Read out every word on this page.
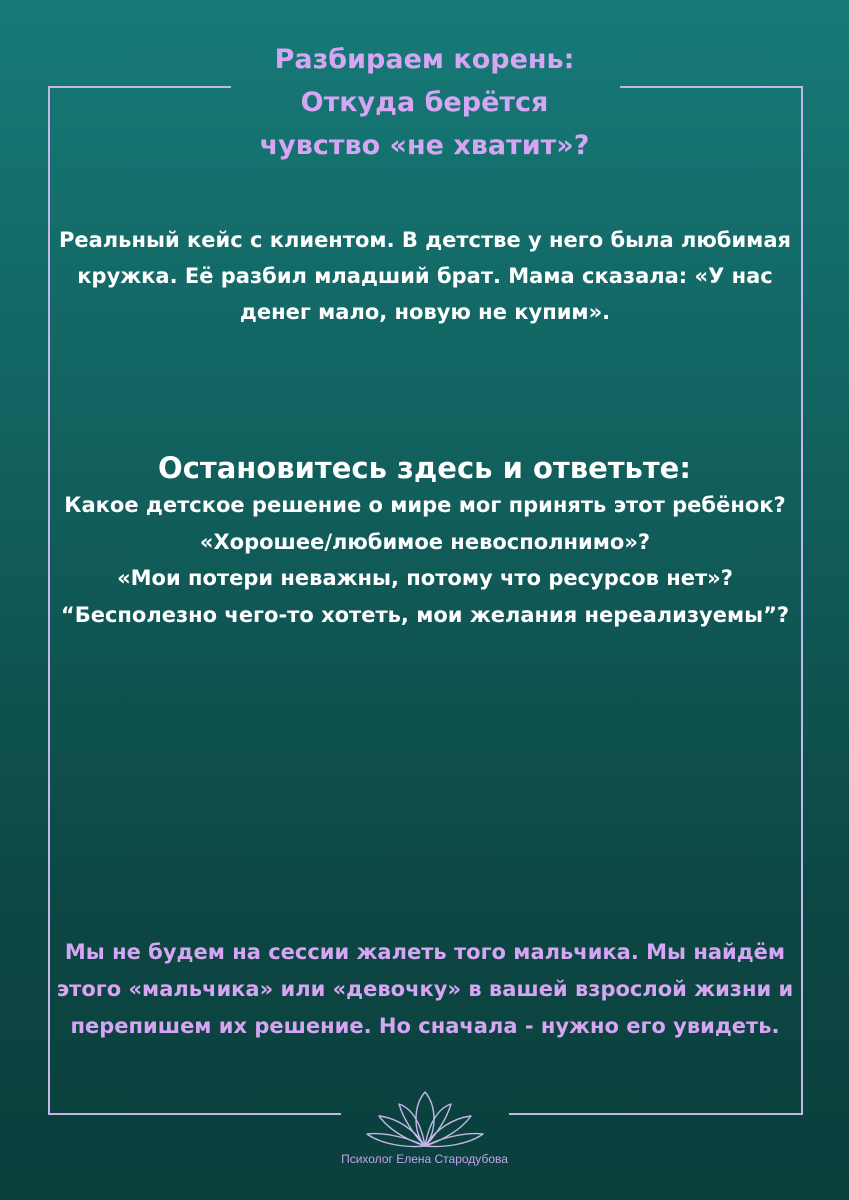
Разбираем корень:
Откуда берётся
чувство «не хватит»?
Реальный кейс с клиентом. В детстве у него была любимая кружка. Её разбил младший брат. Мама сказала: «У нас денег мало, новую не купим».
Остановитесь здесь и ответьте:
Какое детское решение о мире мог принять этот ребёнок?
«Хорошее/любимое невосполнимо»?
«Мои потери неважны, потому что ресурсов нет»?
“Бесполезно чего-то хотеть, мои желания нереализуемы”?
Мы не будем на сессии жалеть того мальчика. Мы найдём этого «мальчика» или «девочку» в вашей взрослой жизни и перепишем их решение. Но сначала - нужно его увидеть.
Психолог Елена Стародубова
